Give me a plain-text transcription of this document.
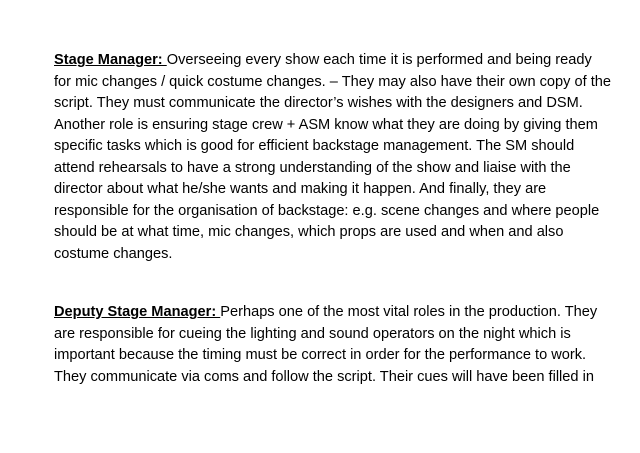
Stage Manager: Overseeing every show each time it is performed and being ready
for mic changes / quick costume changes. – They may also have their own copy of the
script. They must communicate the director’s wishes with the designers and DSM.
Another role is ensuring stage crew + ASM know what they are doing by giving them
specific tasks which is good for efficient backstage management. The SM should
attend rehearsals to have a strong understanding of the show and liaise with the
director about what he/she wants and making it happen. And finally, they are
responsible for the organisation of backstage: e.g. scene changes and where people
should be at what time, mic changes, which props are used and when and also
costume changes.
Deputy Stage Manager: Perhaps one of the most vital roles in the production. They
are responsible for cueing the lighting and sound operators on the night which is
important because the timing must be correct in order for the performance to work.
They communicate via coms and follow the script. Their cues will have been filled in
